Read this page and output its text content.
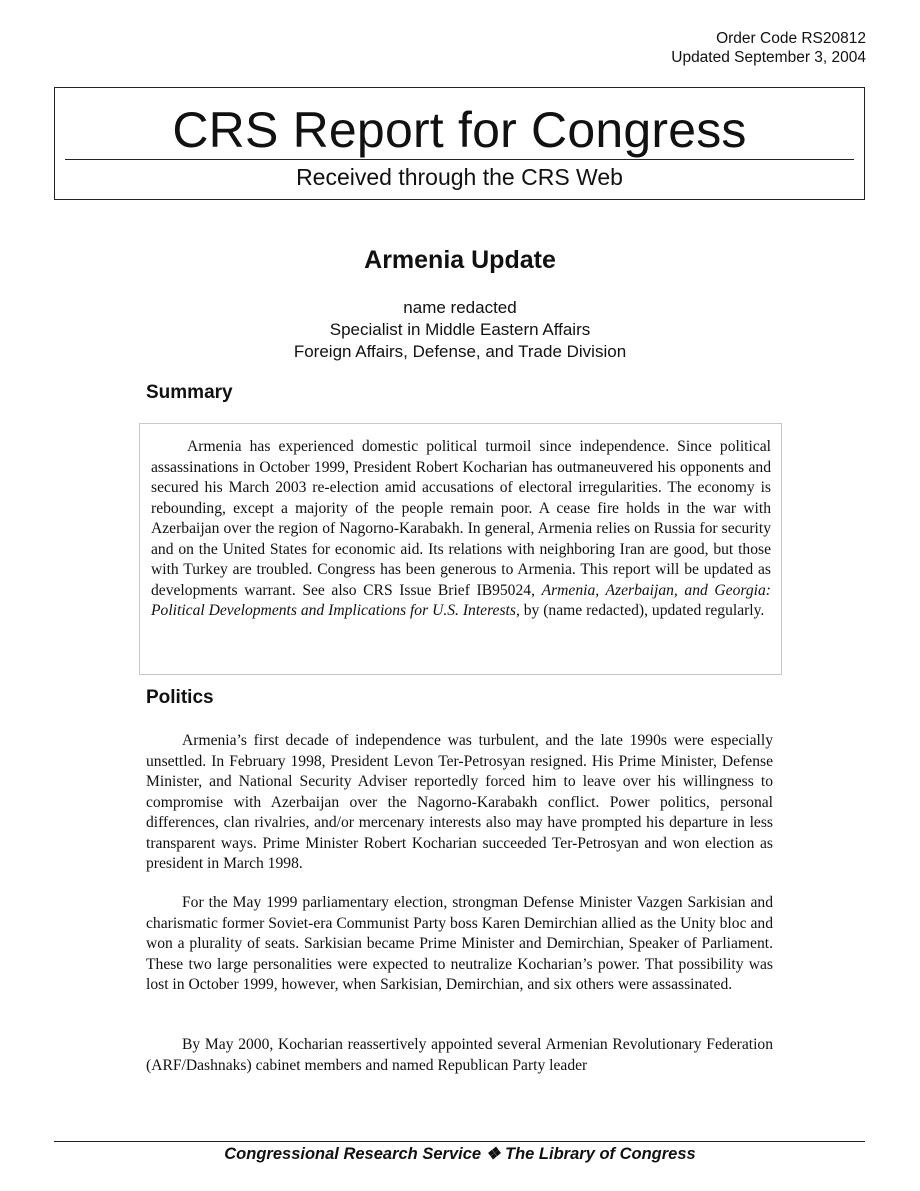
Order Code RS20812
Updated September 3, 2004
CRS Report for Congress
Received through the CRS Web
Armenia Update
name redacted
Specialist in Middle Eastern Affairs
Foreign Affairs, Defense, and Trade Division
Summary

Armenia has experienced domestic political turmoil since independence. Since political assassinations in October 1999, President Robert Kocharian has outmaneuvered his opponents and secured his March 2003 re-election amid accusations of electoral irregularities. The economy is rebounding, except a majority of the people remain poor. A cease fire holds in the war with Azerbaijan over the region of Nagorno-Karabakh. In general, Armenia relies on Russia for security and on the United States for economic aid. Its relations with neighboring Iran are good, but those with Turkey are troubled. Congress has been generous to Armenia. This report will be updated as developments warrant. See also CRS Issue Brief IB95024, Armenia, Azerbaijan, and Georgia: Political Developments and Implications for U.S. Interests, by (name redacted), updated regularly.

Politics

Armenia’s first decade of independence was turbulent, and the late 1990s were especially unsettled. In February 1998, President Levon Ter-Petrosyan resigned. His Prime Minister, Defense Minister, and National Security Adviser reportedly forced him to leave over his willingness to compromise with Azerbaijan over the Nagorno-Karabakh conflict. Power politics, personal differences, clan rivalries, and/or mercenary interests also may have prompted his departure in less transparent ways. Prime Minister Robert Kocharian succeeded Ter-Petrosyan and won election as president in March 1998.

For the May 1999 parliamentary election, strongman Defense Minister Vazgen Sarkisian and charismatic former Soviet-era Communist Party boss Karen Demirchian allied as the Unity bloc and won a plurality of seats. Sarkisian became Prime Minister and Demirchian, Speaker of Parliament. These two large personalities were expected to neutralize Kocharian’s power. That possibility was lost in October 1999, however, when Sarkisian, Demirchian, and six others were assassinated.

By May 2000, Kocharian reassertively appointed several Armenian Revolutionary Federation (ARF/Dashnaks) cabinet members and named Republican Party leader

Congressional Research Service ❖ The Library of Congress
